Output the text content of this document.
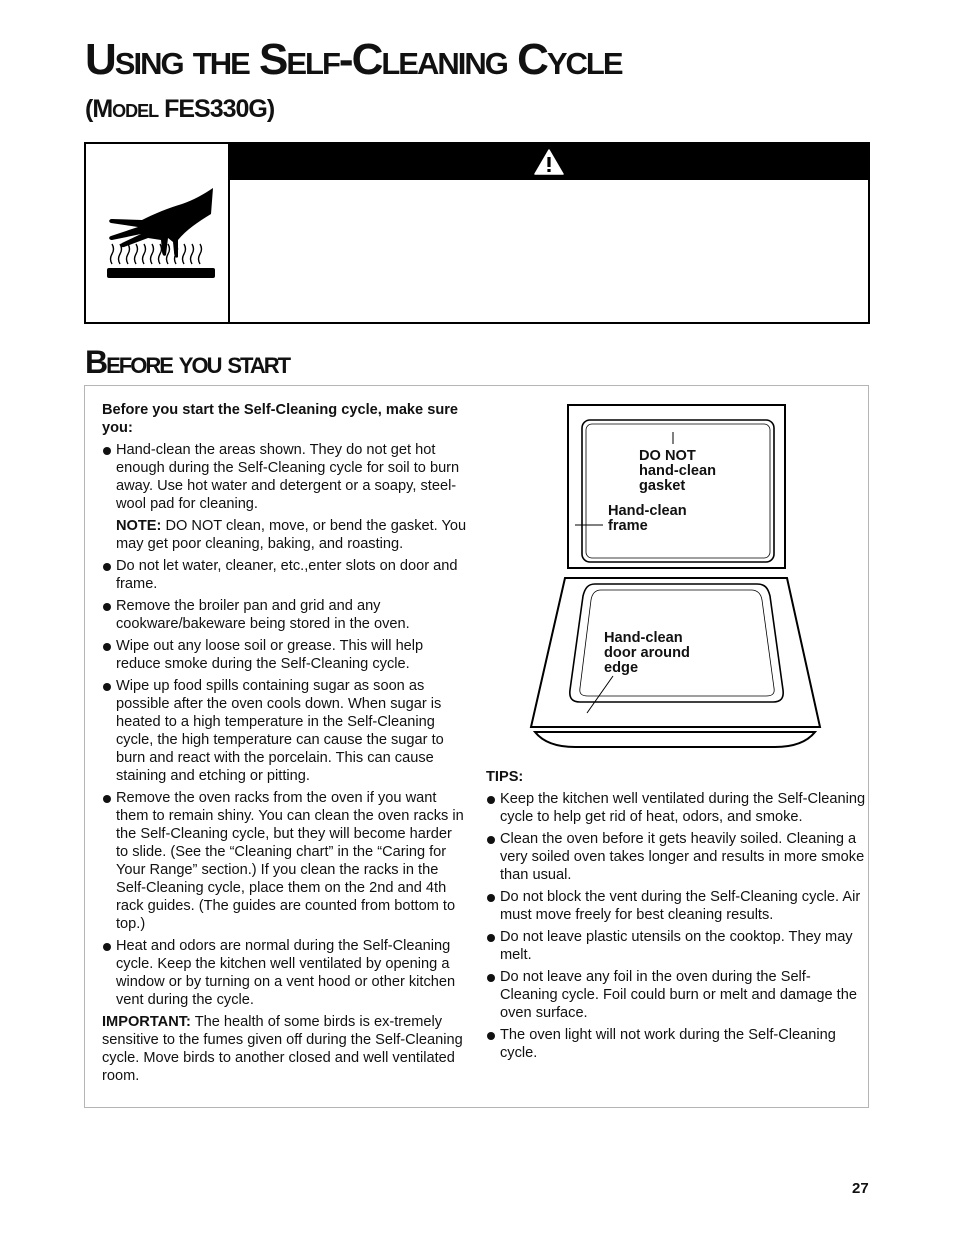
Using the Self-Cleaning Cycle
(Model FES330G)
Before you start

Before you start the Self-Cleaning cycle, make sure you:

Hand-clean the areas shown. They do not get hot enough during the Self-Cleaning cycle for soil to burn away. Use hot water and detergent or a soapy, steel-wool pad for cleaning.

NOTE: DO NOT clean, move, or bend the gasket. You may get poor cleaning, baking, and roasting.

Do not let water, cleaner, etc.,enter slots on door and frame.
Remove the broiler pan and grid and any cookware/bakeware being stored in the oven.
Wipe out any loose soil or grease. This will help reduce smoke during the Self-Cleaning cycle.
Wipe up food spills containing sugar as soon as possible after the oven cools down. When sugar is heated to a high temperature in the Self-Cleaning cycle, the high temperature can cause the sugar to burn and react with the porcelain. This can cause staining and etching or pitting.
Remove the oven racks from the oven if you want them to remain shiny. You can clean the oven racks in the Self-Cleaning cycle, but they will become harder to slide. (See the “Cleaning chart” in the “Caring for Your Range” section.) If you clean the racks in the Self-Cleaning cycle, place them on the 2nd and 4th rack guides. (The guides are counted from bottom to top.)
Heat and odors are normal during the Self-Cleaning cycle. Keep the kitchen well ventilated by opening a window or by turning on a vent hood or other kitchen vent during the cycle.

IMPORTANT: The health of some birds is ex-tremely sensitive to the fumes given off during the Self-Cleaning cycle. Move birds to another closed and well ventilated room.

DO NOT
hand-clean
gasket
Hand-clean
frame
Hand-clean
door around
edge

TIPS:

Keep the kitchen well ventilated during the Self-Cleaning cycle to help get rid of heat, odors, and smoke.
Clean the oven before it gets heavily soiled. Cleaning a very soiled oven takes longer and results in more smoke than usual.
Do not block the vent during the Self-Cleaning cycle. Air must move freely for best cleaning results.
Do not leave plastic utensils on the cooktop. They may melt.
Do not leave any foil in the oven during the Self-Cleaning cycle. Foil could burn or melt and damage the oven surface.
The oven light will not work during the Self-Cleaning cycle.
27
